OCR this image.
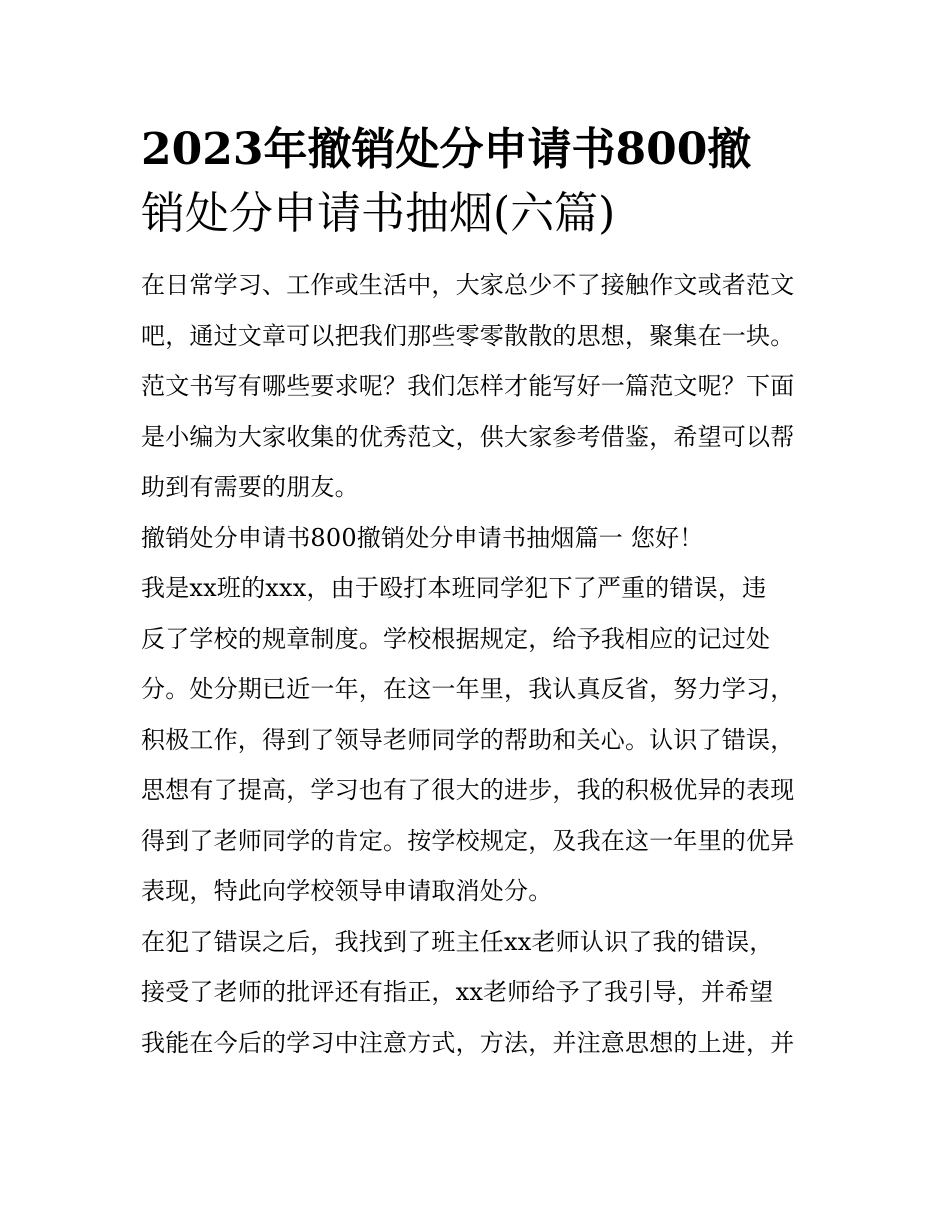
2023年撤销处分申请书800撤
销处分申请书抽烟(六篇)
在日常学习、工作或生活中，大家总少不了接触作文或者范文
吧，通过文章可以把我们那些零零散散的思想，聚集在一块。
范文书写有哪些要求呢？我们怎样才能写好一篇范文呢？下面
是小编为大家收集的优秀范文，供大家参考借鉴，希望可以帮
助到有需要的朋友。
撤销处分申请书800撤销处分申请书抽烟篇一 您好！
我是xx班的xxx，由于殴打本班同学犯下了严重的错误，违
反了学校的规章制度。学校根据规定，给予我相应的记过处
分。处分期已近一年，在这一年里，我认真反省，努力学习，
积极工作，得到了领导老师同学的帮助和关心。认识了错误，
思想有了提高，学习也有了很大的进步，我的积极优异的表现
得到了老师同学的肯定。按学校规定，及我在这一年里的优异
表现，特此向学校领导申请取消处分。
在犯了错误之后，我找到了班主任xx老师认识了我的错误，
接受了老师的批评还有指正，xx老师给予了我引导，并希望
我能在今后的学习中注意方式，方法，并注意思想的上进，并
